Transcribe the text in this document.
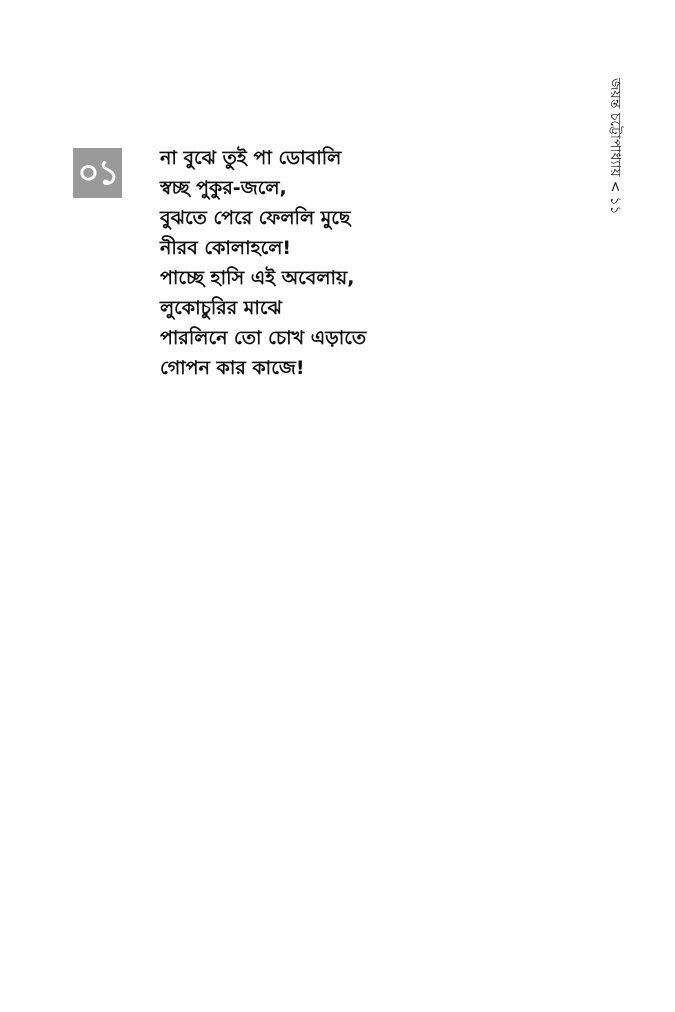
জয়ন্ত চট্টোপাধ্যায়<১১
০১ না বুঝে তুই পা ডোবালি
স্বচ্ছ পুকুর-জলে,
বুঝতে পেরে ফেললি মুছে
নীরব কোলাহলে!
পাচ্ছে হাসি এই অবেলায়,
লুকোচুরির মাঝে
পারলিনে তো চোখ এড়াতে
গোপন কার কাজে!
